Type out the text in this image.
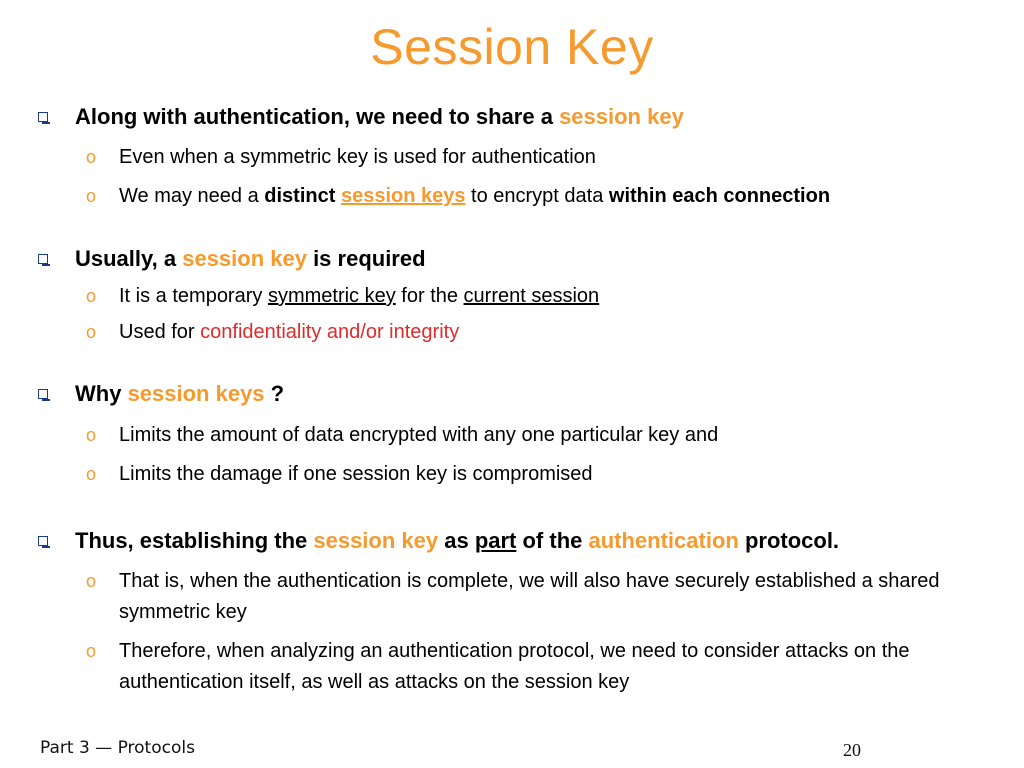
Session Key
Along with authentication, we need to share a session key
o Even when a symmetric key is used for authentication
o We may need a distinct session keys to encrypt data within each connection
Usually, a session key is required
o It is a temporary symmetric key for the current session
o Used for confidentiality and/or integrity
Why session keys ?
o Limits the amount of data encrypted with any one particular key and
o Limits the damage if one session key is compromised
Thus, establishing the session key as part of the authentication protocol.
o That is, when the authentication is complete, we will also have securely established a shared symmetric key
o Therefore, when analyzing an authentication protocol, we need to consider attacks on the authentication itself, as well as attacks on the session key
Part 3 — Protocols	20
